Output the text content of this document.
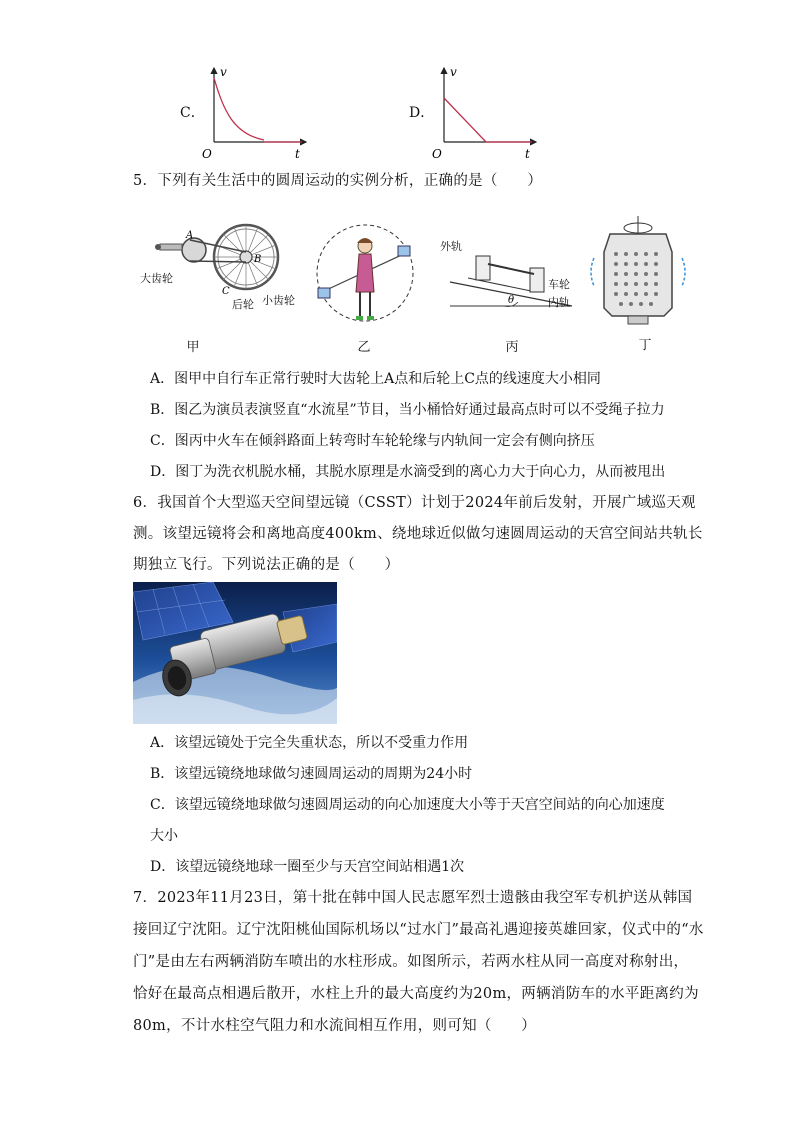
C．
v
O	t
D．
v
O	t
5．下列有关生活中的圆周运动的实例分析，正确的是（　　）
A
B
C
大齿轮
后轮 小齿轮
甲	乙
θ
外轨
车轮
内轨
丙	丁
A．图甲中自行车正常行驶时大齿轮上A点和后轮上C点的线速度大小相同
B．图乙为演员表演竖直“水流星”节目，当小桶恰好通过最高点时可以不受绳子拉力
C．图丙中火车在倾斜路面上转弯时车轮轮缘与内轨间一定会有侧向挤压
D．图丁为洗衣机脱水桶，其脱水原理是水滴受到的离心力大于向心力，从而被甩出
6．我国首个大型巡天空间望远镜（CSST）计划于2024年前后发射，开展广域巡天观
测。该望远镜将会和离地高度400km、绕地球近似做匀速圆周运动的天宫空间站共轨长
期独立飞行。下列说法正确的是（　　）
A．该望远镜处于完全失重状态，所以不受重力作用
B．该望远镜绕地球做匀速圆周运动的周期为24小时
C．该望远镜绕地球做匀速圆周运动的向心加速度大小等于天宫空间站的向心加速度
大小
D．该望远镜绕地球一圈至少与天宫空间站相遇1次
7．2023年11月23日，第十批在韩中国人民志愿军烈士遗骸由我空军专机护送从韩国
接回辽宁沈阳。辽宁沈阳桃仙国际机场以“过水门”最高礼遇迎接英雄回家，仪式中的“水
门”是由左右两辆消防车喷出的水柱形成。如图所示，若两水柱从同一高度对称射出，
恰好在最高点相遇后散开，水柱上升的最大高度约为20m，两辆消防车的水平距离约为
80m，不计水柱空气阻力和水流间相互作用，则可知（　　）
